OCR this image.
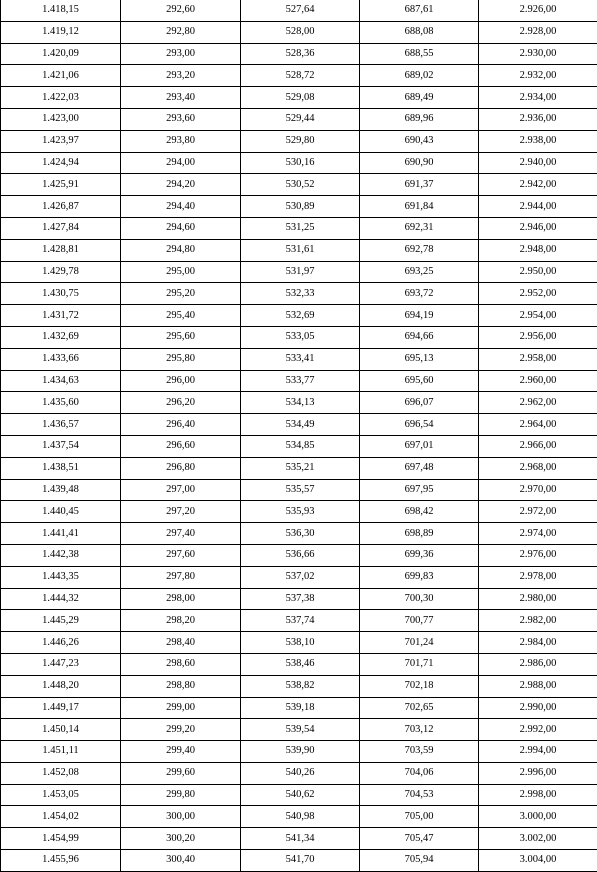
1.418,15	292,60	527,64	687,61	2.926,00
1.419,12	292,80	528,00	688,08	2.928,00
1.420,09	293,00	528,36	688,55	2.930,00
1.421,06	293,20	528,72	689,02	2.932,00
1.422,03	293,40	529,08	689,49	2.934,00
1.423,00	293,60	529,44	689,96	2.936,00
1.423,97	293,80	529,80	690,43	2.938,00
1.424,94	294,00	530,16	690,90	2.940,00
1.425,91	294,20	530,52	691,37	2.942,00
1.426,87	294,40	530,89	691,84	2.944,00
1.427,84	294,60	531,25	692,31	2.946,00
1.428,81	294,80	531,61	692,78	2.948,00
1.429,78	295,00	531,97	693,25	2.950,00
1.430,75	295,20	532,33	693,72	2.952,00
1.431,72	295,40	532,69	694,19	2.954,00
1.432,69	295,60	533,05	694,66	2.956,00
1.433,66	295,80	533,41	695,13	2.958,00
1.434,63	296,00	533,77	695,60	2.960,00
1.435,60	296,20	534,13	696,07	2.962,00
1.436,57	296,40	534,49	696,54	2.964,00
1.437,54	296,60	534,85	697,01	2.966,00
1.438,51	296,80	535,21	697,48	2.968,00
1.439,48	297,00	535,57	697,95	2.970,00
1.440,45	297,20	535,93	698,42	2.972,00
1.441,41	297,40	536,30	698,89	2.974,00
1.442,38	297,60	536,66	699,36	2.976,00
1.443,35	297,80	537,02	699,83	2.978,00
1.444,32	298,00	537,38	700,30	2.980,00
1.445,29	298,20	537,74	700,77	2.982,00
1.446,26	298,40	538,10	701,24	2.984,00
1.447,23	298,60	538,46	701,71	2.986,00
1.448,20	298,80	538,82	702,18	2.988,00
1.449,17	299,00	539,18	702,65	2.990,00
1.450,14	299,20	539,54	703,12	2.992,00
1.451,11	299,40	539,90	703,59	2.994,00
1.452,08	299,60	540,26	704,06	2.996,00
1.453,05	299,80	540,62	704,53	2.998,00
1.454,02	300,00	540,98	705,00	3.000,00
1.454,99	300,20	541,34	705,47	3.002,00
1.455,96	300,40	541,70	705,94	3.004,00
